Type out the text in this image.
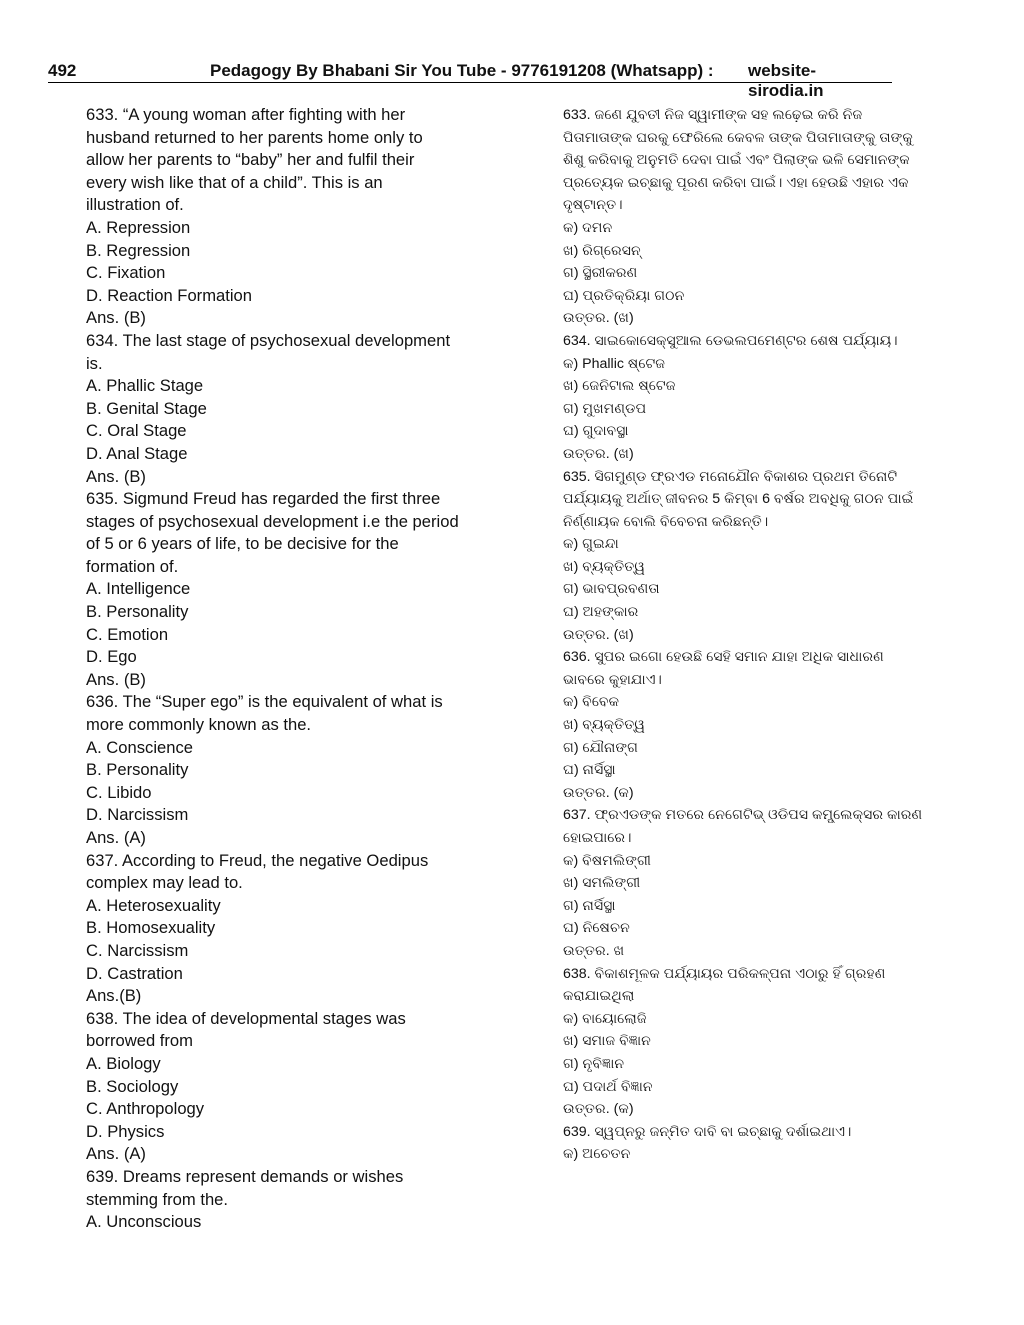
492	Pedagogy By Bhabani Sir You Tube - 9776191208 (Whatsapp) : website- sirodia.in
633. “A young woman after fighting with her
husband returned to her parents home only to
allow her parents to “baby” her and fulfil their
every wish like that of a child”. This is an
illustration of.
A. Repression
B. Regression
C. Fixation
D. Reaction Formation
Ans. (B)
634. The last stage of psychosexual development
is.
A. Phallic Stage
B. Genital Stage
C. Oral Stage
D. Anal Stage
Ans. (B)
635. Sigmund Freud has regarded the first three
stages of psychosexual development i.e the period
of 5 or 6 years of life, to be decisive for the
formation of.
A. Intelligence
B. Personality
C. Emotion
D. Ego
Ans. (B)
636. The “Super ego” is the equivalent of what is
more commonly known as the.
A. Conscience
B. Personality
C. Libido
D. Narcissism
Ans. (A)
637. According to Freud, the negative Oedipus
complex may lead to.
A. Heterosexuality
B. Homosexuality
C. Narcissism
D. Castration
Ans.(B)
638. The idea of developmental stages was
borrowed from
A. Biology
B. Sociology
C. Anthropology
D. Physics
Ans. (A)
639. Dreams represent demands or wishes
stemming from the.
A. Unconscious
633. ଜଣେ ଯୁବତୀ ନିଜ ସ୍ୱାମୀଙ୍କ ସହ ଲଢ଼େଇ କରି ନିଜ
ପିତାମାତାଙ୍କ ଘରକୁ ଫେରିଲେ କେବଳ ତାଙ୍କ ପିତାମାତାଙ୍କୁ ତାଙ୍କୁ
ଶିଶୁ କରିବାକୁ ଅନୁମତି ଦେବା ପାଇଁ ଏବଂ ପିଲାଙ୍କ ଭଳି ସେମାନଙ୍କ
ପ୍ରତ୍ୟେକ ଇଚ୍ଛାକୁ ପୂରଣ କରିବା ପାଇଁ। ଏହା ହେଉଛି ଏହାର ଏକ
ଦୃଷ୍ଟାନ୍ତ।
କ) ଦମନ
ଖ) ରିଗ୍ରେସନ୍
ଗ) ସ୍ଥିରୀକରଣ
ଘ) ପ୍ରତିକ୍ରିୟା ଗଠନ
ଉତ୍ତର. (ଖ)
634. ସାଇକୋସେକ୍ସୁଆଲ ଡେଭଲପମେଣ୍ଟର ଶେଷ ପର୍ଯ୍ୟାୟ।
କ) Phallic ଷ୍ଟେଜ
ଖ) ଜେନିଟାଲ ଷ୍ଟେଜ
ଗ) ମୁଖମଣ୍ଡପ
ଘ) ଗୁଦାବସ୍ଥା
ଉତ୍ତର. (ଖ)
635. ସିଗମୁଣ୍ଡ ଫ୍ରଏଡ ମନୋଯୌନ ବିକାଶର ପ୍ରଥମ ତିନୋଟି
ପର୍ଯ୍ୟାୟକୁ ଅର୍ଥାତ୍ ଜୀବନର 5 କିମ୍ବା 6 ବର୍ଷର ଅବଧିକୁ ଗଠନ ପାଇଁ
ନିର୍ଣ୍ଣାୟକ ବୋଲି ବିବେଚନା କରିଛନ୍ତି।
କ) ଗୁଇନ୍ଦା
ଖ) ବ୍ୟକ୍ତିତ୍ୱ
ଗ) ଭାବପ୍ରବଣତା
ଘ) ଅହଙ୍କାର
ଉତ୍ତର. (ଖ)
636. ସୁପର ଇଗୋ ହେଉଛି ସେହି ସମାନ ଯାହା ଅଧିକ ସାଧାରଣ
ଭାବରେ କୁହାଯାଏ।
କ) ବିବେକ
ଖ) ବ୍ୟକ୍ତିତ୍ୱ
ଗ) ଯୌନାଙ୍ଗ
ଘ) ନାର୍ସିସ୍ଥା
ଉତ୍ତର. (କ)
637. ଫ୍ରଏଡଙ୍କ ମତରେ ନେଗେଟିଭ୍ ଓଡିପସ କମ୍ପ୍ଲେକ୍ସର କାରଣ
ହୋଇପାରେ।
କ) ବିଷମଲିଙ୍ଗୀ
ଖ) ସମଲିଙ୍ଗୀ
ଗ) ନାର୍ସିସ୍ଥା
ଘ) ନିଷେଚନ
ଉତ୍ତର. ଖ
638. ବିକାଶମୂଳକ ପର୍ଯ୍ୟାୟର ପରିକଳ୍ପନା ଏଠାରୁ ହିଁ ଗ୍ରହଣ
କରାଯାଇଥିଲା
କ) ବାୟୋଲୋଜି
ଖ) ସମାଜ ବିଜ୍ଞାନ
ଗ) ନୃବିଜ୍ଞାନ
ଘ) ପଦାର୍ଥ ବିଜ୍ଞାନ
ଉତ୍ତର. (କ)
639. ସ୍ୱପ୍ନରୁ ଜନ୍ମିତ ଦାବି ବା ଇଚ୍ଛାକୁ ଦର୍ଶାଇଥାଏ।
କ) ଅଚେତନ
